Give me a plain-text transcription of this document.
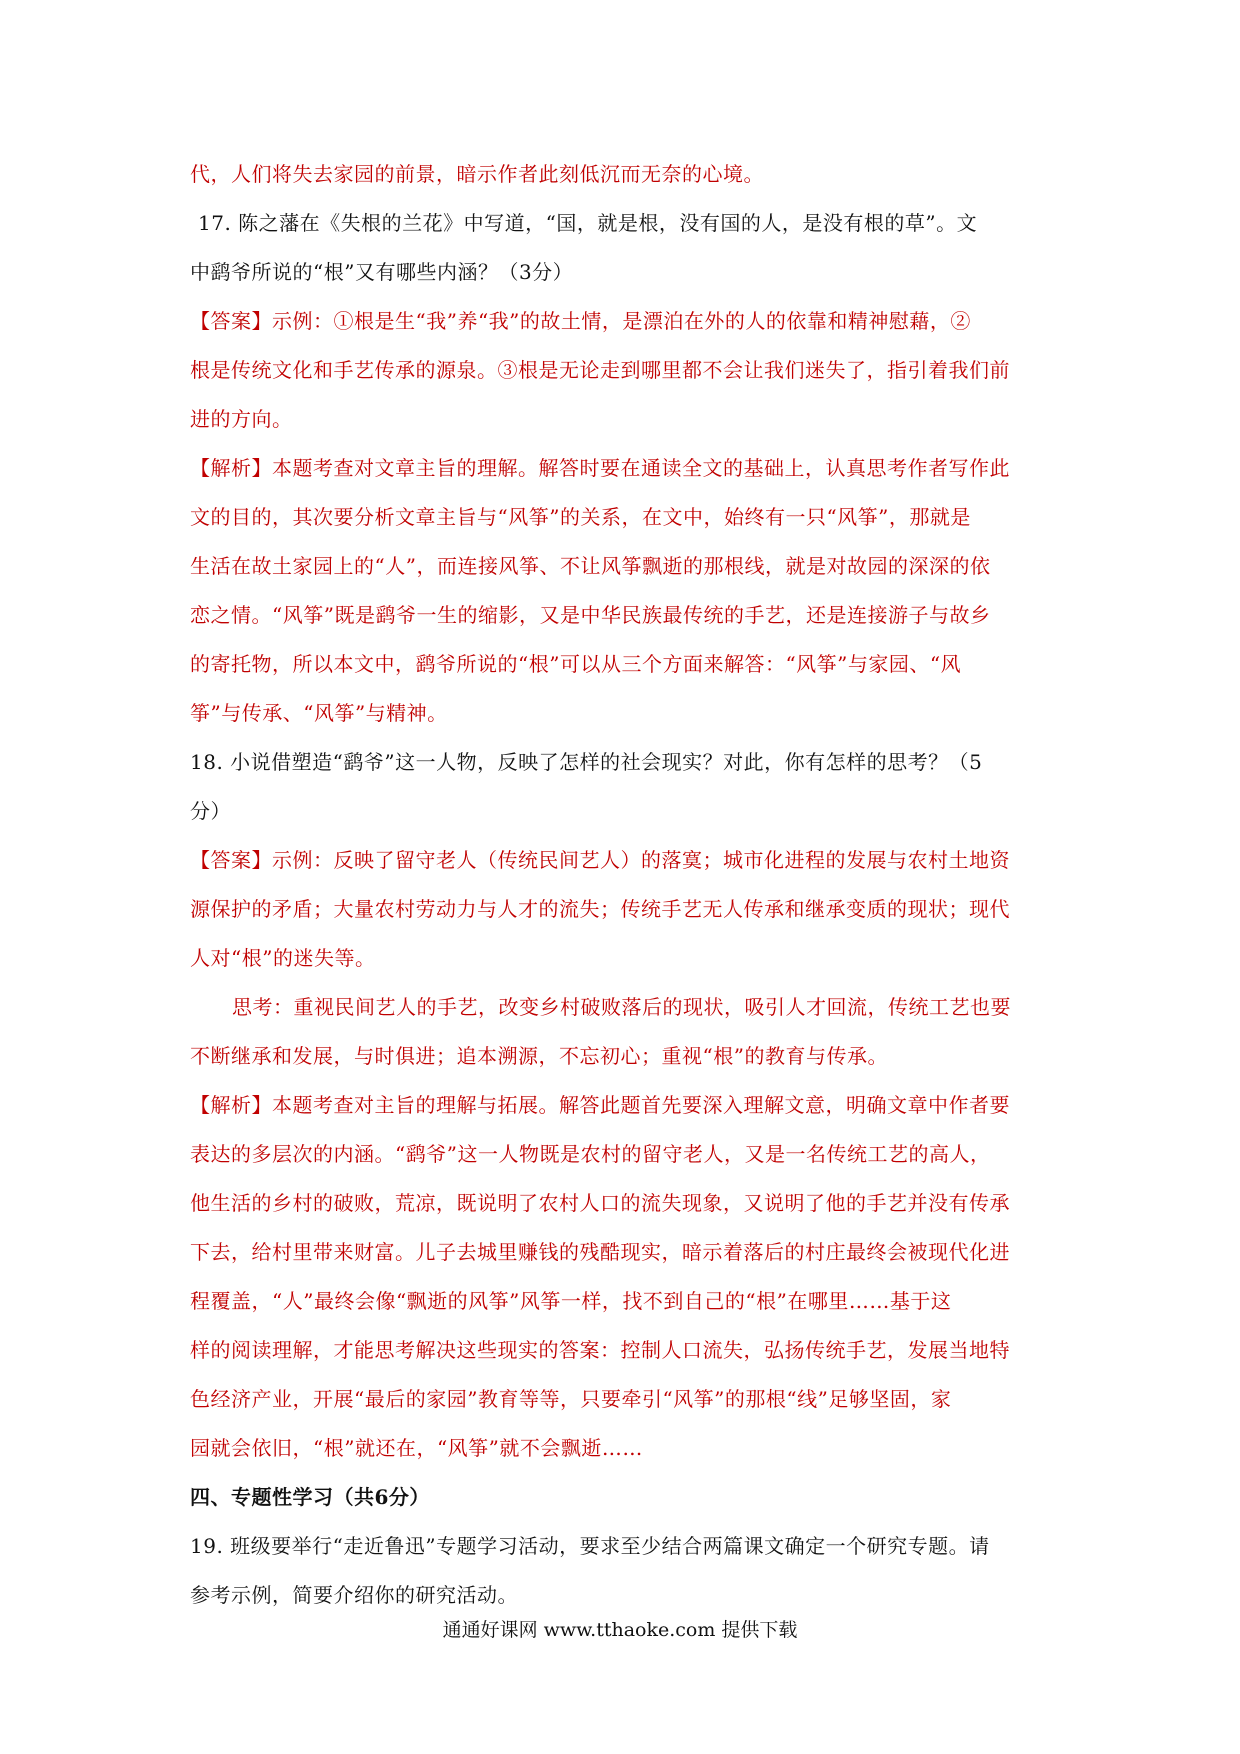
代，人们将失去家园的前景，暗示作者此刻低沉而无奈的心境。
17. 陈之藩在《失根的兰花》中写道，“国，就是根，没有国的人，是没有根的草”。文
中鹞爷所说的“根”又有哪些内涵？（3分）
【答案】示例：①根是生“我”养“我”的故土情，是漂泊在外的人的依靠和精神慰藉，②
根是传统文化和手艺传承的源泉。③根是无论走到哪里都不会让我们迷失了，指引着我们前
进的方向。
【解析】本题考查对文章主旨的理解。解答时要在通读全文的基础上，认真思考作者写作此
文的目的，其次要分析文章主旨与“风筝”的关系，在文中，始终有一只“风筝”，那就是
生活在故土家园上的“人”，而连接风筝、不让风筝飘逝的那根线，就是对故园的深深的依
恋之情。“风筝”既是鹞爷一生的缩影，又是中华民族最传统的手艺，还是连接游子与故乡
的寄托物，所以本文中，鹞爷所说的“根”可以从三个方面来解答：“风筝”与家园、“风
筝”与传承、“风筝”与精神。
18. 小说借塑造“鹞爷”这一人物，反映了怎样的社会现实？对此，你有怎样的思考？（5
分）
【答案】示例：反映了留守老人（传统民间艺人）的落寞；城市化进程的发展与农村土地资
源保护的矛盾；大量农村劳动力与人才的流失；传统手艺无人传承和继承变质的现状；现代
人对“根”的迷失等。
思考：重视民间艺人的手艺，改变乡村破败落后的现状，吸引人才回流，传统工艺也要
不断继承和发展，与时俱进；追本溯源，不忘初心；重视“根”的教育与传承。
【解析】本题考查对主旨的理解与拓展。解答此题首先要深入理解文意，明确文章中作者要
表达的多层次的内涵。“鹞爷”这一人物既是农村的留守老人，又是一名传统工艺的高人，
他生活的乡村的破败，荒凉，既说明了农村人口的流失现象，又说明了他的手艺并没有传承
下去，给村里带来财富。儿子去城里赚钱的残酷现实，暗示着落后的村庄最终会被现代化进
程覆盖，“人”最终会像“飘逝的风筝”风筝一样，找不到自己的“根”在哪里……基于这
样的阅读理解，才能思考解决这些现实的答案：控制人口流失，弘扬传统手艺，发展当地特
色经济产业，开展“最后的家园”教育等等，只要牵引“风筝”的那根“线”足够坚固，家
园就会依旧，“根”就还在，“风筝”就不会飘逝……
四、专题性学习（共6分）
19. 班级要举行“走近鲁迅”专题学习活动，要求至少结合两篇课文确定一个研究专题。请
参考示例，简要介绍你的研究活动。
通通好课网 www.tthaoke.com 提供下载
